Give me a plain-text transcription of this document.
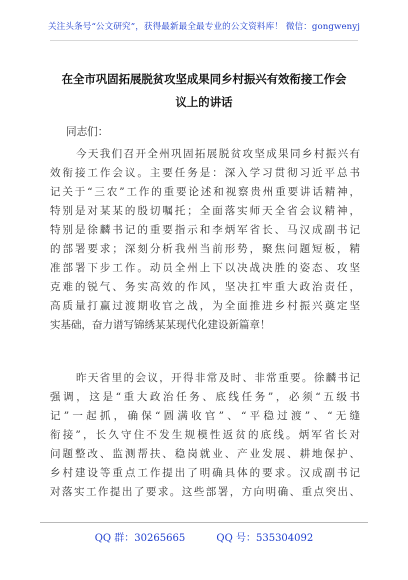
关注头条号“公文研究”，获得最新最全最专业的公文资料库！ 微信：gongwenyj
在全市巩固拓展脱贫攻坚成果同乡村振兴有效衔接工作会
议上的讲话
同志们：
今天我们召开全州巩固拓展脱贫攻坚成果同乡村振兴有
效衔接工作会议。主要任务是：深入学习贯彻习近平总书
记关于“三农”工作的重要论述和视察贵州重要讲话精神，
特别是对某某的殷切嘱托；全面落实师天全省会议精神，
特别是徐麟书记的重要指示和李炳军省长、马汉成副书记
的部署要求；深刻分析我州当前形势，聚焦问题短板，精
准部署下步工作。动员全州上下以决战决胜的姿态、攻坚
克难的锐气、务实高效的作风，坚决扛牢重大政治责任，
高质量打赢过渡期收官之战，为全面推进乡村振兴奠定坚
实基础，奋力谱写锦绣某某现代化建设新篇章！
昨天省里的会议，开得非常及时、非常重要。徐麟书记
强调，这是“重大政治任务、底线任务”，必须“五级书
记”一起抓，确保“圆满收官”、“平稳过渡”、“无缝
衔接”，长久守住不发生规模性返贫的底线。炳军省长对
问题整改、监测帮扶、稳岗就业、产业发展、耕地保护、
乡村建设等重点工作提出了明确具体的要求。汉成副书记
对落实工作提出了要求。这些部署，方向明确、重点突出、
QQ 群：30265665	QQ 号：535304092
